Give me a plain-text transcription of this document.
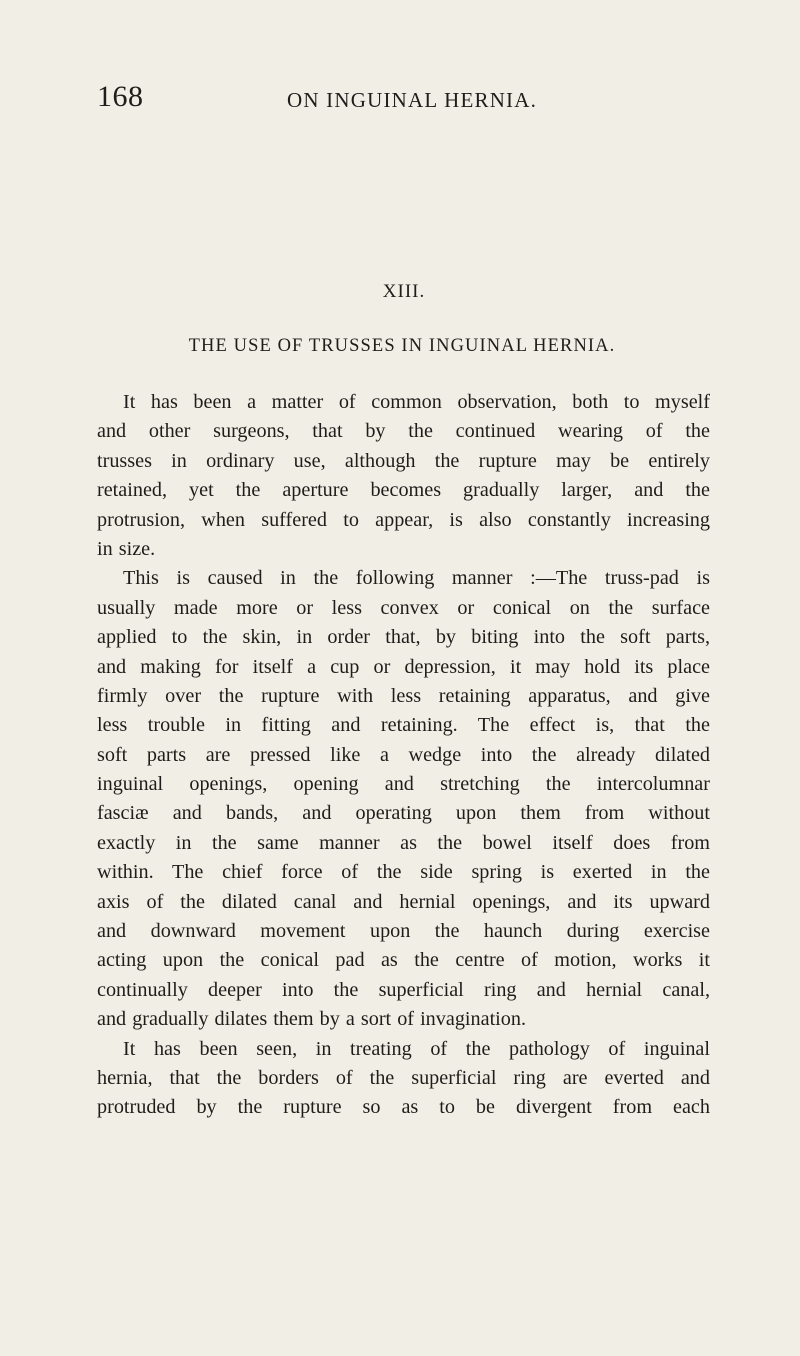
168	ON INGUINAL HERNIA.
XIII.
THE USE OF TRUSSES IN INGUINAL HERNIA.
It has been a matter of common observation, both to myself
and other surgeons, that by the continued wearing of the
trusses in ordinary use, although the rupture may be entirely
retained, yet the aperture becomes gradually larger, and the
protrusion, when suffered to appear, is also constantly increasing
in size.
This is caused in the following manner :—The truss-pad is
usually made more or less convex or conical on the surface
applied to the skin, in order that, by biting into the soft parts,
and making for itself a cup or depression, it may hold its place
firmly over the rupture with less retaining apparatus, and give
less trouble in fitting and retaining. The effect is, that the
soft parts are pressed like a wedge into the already dilated
inguinal openings, opening and stretching the intercolumnar
fasciæ and bands, and operating upon them from without
exactly in the same manner as the bowel itself does from
within. The chief force of the side spring is exerted in the
axis of the dilated canal and hernial openings, and its upward
and downward movement upon the haunch during exercise
acting upon the conical pad as the centre of motion, works it
continually deeper into the superficial ring and hernial canal,
and gradually dilates them by a sort of invagination.
It has been seen, in treating of the pathology of inguinal
hernia, that the borders of the superficial ring are everted and
protruded by the rupture so as to be divergent from each
